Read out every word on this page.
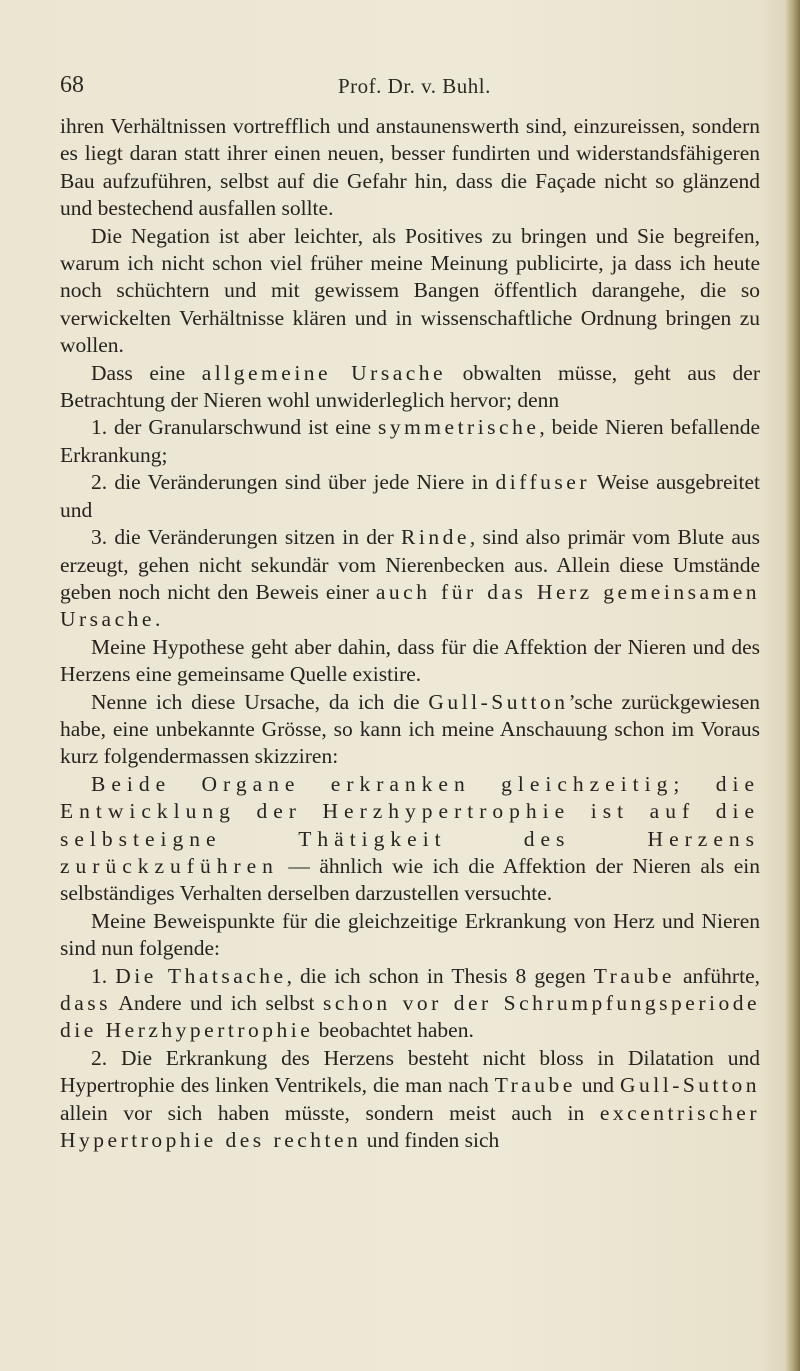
68	Prof. Dr. v. Buhl.

ihren Verhältnissen vortrefflich und anstaunenswerth sind, einzureissen, sondern es liegt daran statt ihrer einen neuen, besser fundirten und widerstandsfähigeren Bau aufzuführen, selbst auf die Gefahr hin, dass die Façade nicht so glänzend und bestechend ausfallen sollte.

Die Negation ist aber leichter, als Positives zu bringen und Sie begreifen, warum ich nicht schon viel früher meine Meinung publicirte, ja dass ich heute noch schüchtern und mit gewissem Bangen öffentlich darangehe, die so verwickelten Verhältnisse klären und in wissenschaftliche Ordnung bringen zu wollen.

Dass eine allgemeine Ursache obwalten müsse, geht aus der Betrachtung der Nieren wohl unwiderleglich hervor; denn

1. der Granularschwund ist eine symmetrische, beide Nieren befallende Erkrankung;

2. die Veränderungen sind über jede Niere in diffuser Weise ausgebreitet und

3. die Veränderungen sitzen in der Rinde, sind also primär vom Blute aus erzeugt, gehen nicht sekundär vom Nierenbecken aus. Allein diese Umstände geben noch nicht den Beweis einer auch für das Herz gemeinsamen Ursache.

Meine Hypothese geht aber dahin, dass für die Affektion der Nieren und des Herzens eine gemeinsame Quelle existire.

Nenne ich diese Ursache, da ich die Gull-Sutton’sche zurückgewiesen habe, eine unbekannte Grösse, so kann ich meine Anschauung schon im Voraus kurz folgendermassen skizziren:

Beide Organe erkranken gleichzeitig; die Entwicklung der Herzhypertrophie ist auf die selbsteigne Thätigkeit des Herzens zurückzuführen — ähnlich wie ich die Affektion der Nieren als ein selbständiges Verhalten derselben darzustellen versuchte.

Meine Beweispunkte für die gleichzeitige Erkrankung von Herz und Nieren sind nun folgende:

1. Die Thatsache, die ich schon in Thesis 8 gegen Traube anführte, dass Andere und ich selbst schon vor der Schrumpfungsperiode die Herzhypertrophie beobachtet haben.

2. Die Erkrankung des Herzens besteht nicht bloss in Dilatation und Hypertrophie des linken Ventrikels, die man nach Traube und Gull-Sutton allein vor sich haben müsste, sondern meist auch in excentrischer Hypertrophie des rechten und finden sich
